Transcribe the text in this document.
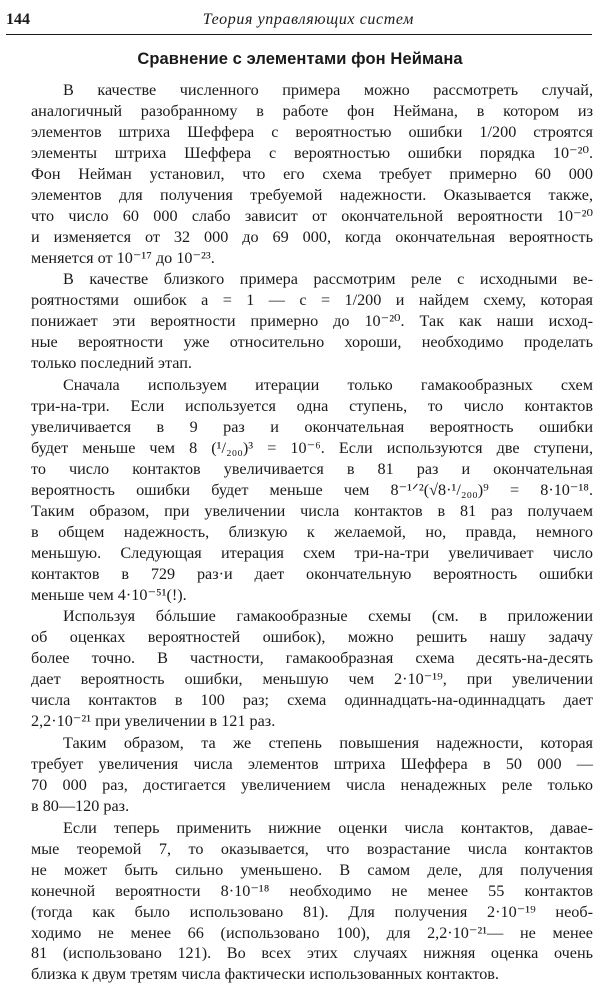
144	Теория управляющих систем
Сравнение с элементами фон Неймана
В качестве численного примера можно рассмотреть случай,
аналогичный разобранному в работе фон Неймана, в котором из
элементов штриха Шеффера с вероятностью ошибки 1/200 строятся
элементы штриха Шеффера с вероятностью ошибки порядка 10⁻²⁰.
Фон Нейман установил, что его схема требует примерно 60 000
элементов для получения требуемой надежности. Оказывается также,
что число 60 000 слабо зависит от окончательной вероятности 10⁻²⁰
и изменяется от 32 000 до 69 000, когда окончательная вероятность
меняется от 10⁻¹⁷ до 10⁻²³.
В качестве близкого примера рассмотрим реле с исходными ве-
роятностями ошибок a = 1 — c = 1/200 и найдем схему, которая
понижает эти вероятности примерно до 10⁻²⁰. Так как наши исход-
ные вероятности уже относительно хороши, необходимо проделать
только последний этап.
Сначала используем итерации только гамакообразных схем
три-на-три. Если используется одна ступень, то число контактов
увеличивается в 9 раз и окончательная вероятность ошибки
будет меньше чем 8 (¹/₂₀₀)³ = 10⁻⁶. Если используются две ступени,
то число контактов увеличивается в 81 раз и окончательная
вероятность ошибки будет меньше чем 8⁻¹ᐟ²(√8·¹/₂₀₀)⁹ = 8·10⁻¹⁸.
Таким образом, при увеличении числа контактов в 81 раз получаем
в общем надежность, близкую к желаемой, но, правда, немного
меньшую. Следующая итерация схем три-на-три увеличивает число
контактов в 729 раз·и дает окончательную вероятность ошибки
меньше чем 4·10⁻⁵¹(!).
Используя бóльшие гамакообразные схемы (см. в приложении
об оценках вероятностей ошибок), можно решить нашу задачу
более точно. В частности, гамакообразная схема десять-на-десять
дает вероятность ошибки, меньшую чем 2·10⁻¹⁹, при увеличении
числа контактов в 100 раз; схема одиннадцать-на-одиннадцать дает
2,2·10⁻²¹ при увеличении в 121 раз.
Таким образом, та же степень повышения надежности, которая
требует увеличения числа элементов штриха Шеффера в 50 000 —
70 000 раз, достигается увеличением числа ненадежных реле только
в 80—120 раз.
Если теперь применить нижние оценки числа контактов, давае-
мые теоремой 7, то оказывается, что возрастание числа контактов
не может быть сильно уменьшено. В самом деле, для получения
конечной вероятности 8·10⁻¹⁸ необходимо не менее 55 контактов
(тогда как было использовано 81). Для получения 2·10⁻¹⁹ необ-
ходимо не менее 66 (использовано 100), для 2,2·10⁻²¹— не менее
81 (использовано 121). Во всех этих случаях нижняя оценка очень
близка к двум третям числа фактически использованных контактов.
